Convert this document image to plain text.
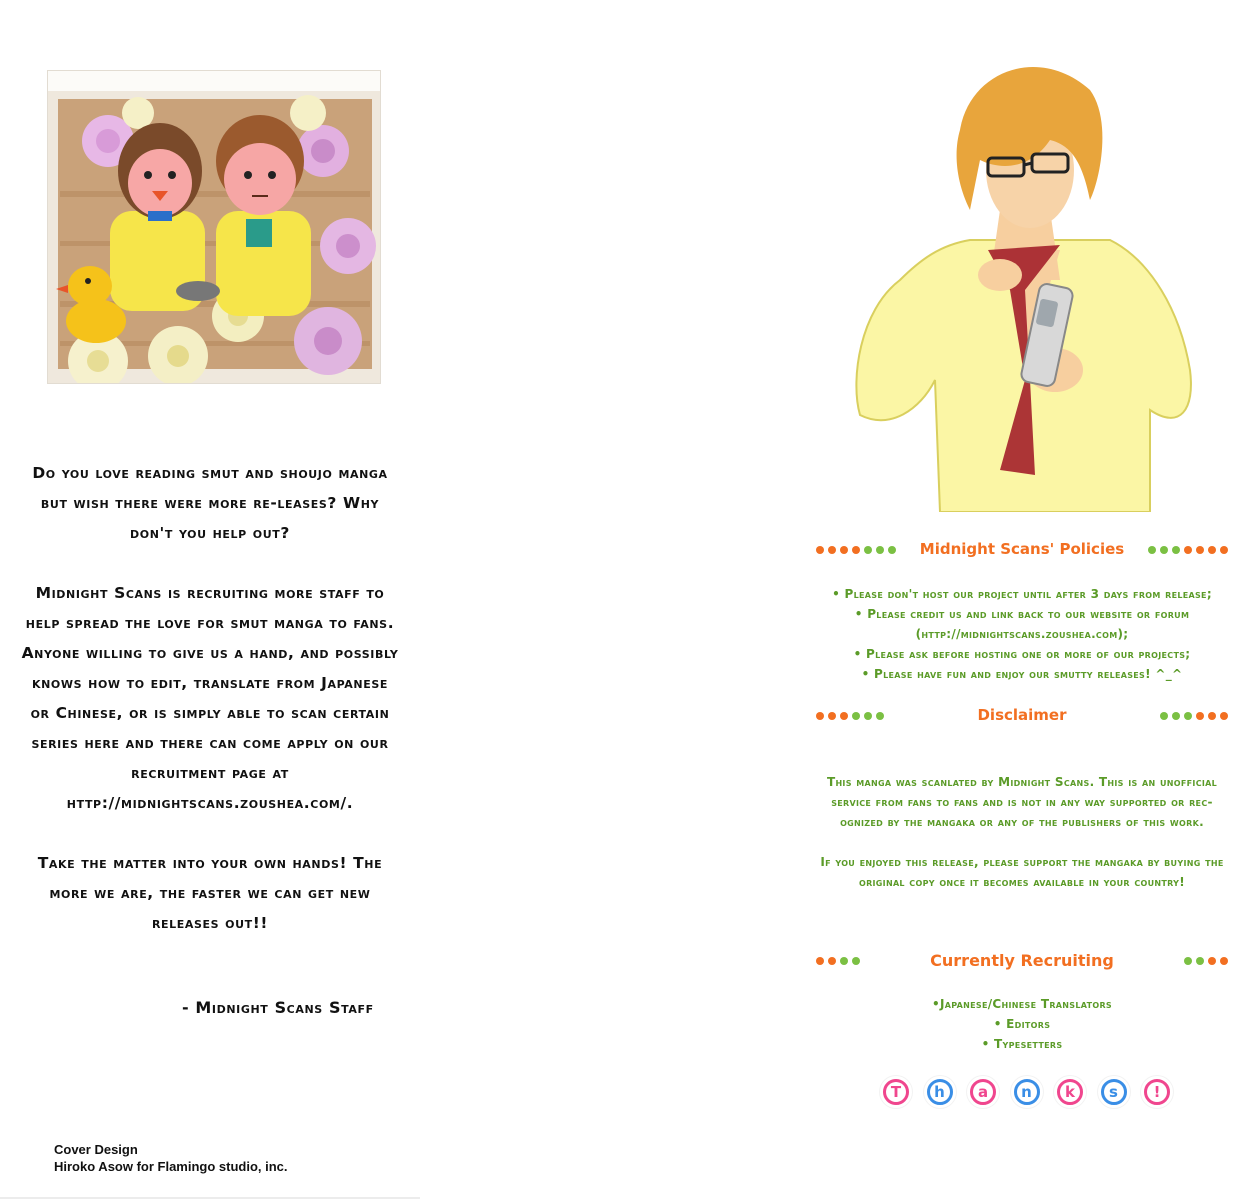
Do you love reading smut and shoujo manga but wish there were more re-leases? Why don't you help out?

Midnight Scans is recruiting more staff to help spread the love for smut manga to fans. Anyone willing to give us a hand, and possibly knows how to edit, translate from Japanese or Chinese, or is simply able to scan certain series here and there can come apply on our recruitment page at http://midnightscans.zoushea.com/.

Take the matter into your own hands! The more we are, the faster we can get new releases out!!

- Midnight Scans Staff
Cover Design
Hiroko Asow for Flamingo studio, inc.
Midnight Scans' Policies
• Please don't host our project until after 3 days from release;
• Please credit us and link back to our website or forum
(http://midnightscans.zoushea.com);
• Please ask before hosting one or more of our projects;
• Please have fun and enjoy our smutty releases! ^_^
Disclaimer
This manga was scanlated by Midnight Scans. This is an unofficial service from fans to fans and is not in any way supported or rec-ognized by the mangaka or any of the publishers of this work.
If you enjoyed this release, please support the mangaka by buying the original copy once it becomes available in your country!
Currently Recruiting
•Japanese/Chinese Translators
• Editors
• Typesetters
T	h	a	n	k	s	!
